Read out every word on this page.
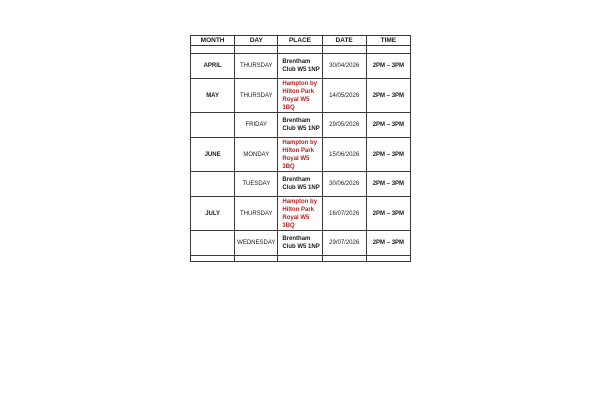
MONTH	DAY	PLACE	DATE	TIME

APRIL	THURSDAY	Brentham Club W5 1NP	30/04/2026	2PM – 3PM
MAY	THURSDAY	Hampton by Hilton Park Royal W5 3BQ	14/05/2026	2PM – 3PM
	FRIDAY	Brentham Club W5 1NP	29/05/2026	2PM – 3PM
JUNE	MONDAY	Hampton by Hilton Park Royal W5 3BQ	15/06/2026	2PM – 3PM
	TUESDAY	Brentham Club W5 1NP	30/06/2026	2PM – 3PM
JULY	THURSDAY	Hampton by Hilton Park Royal W5 3BQ	16/07/2026	2PM – 3PM
	WEDNESDAY	Brentham Club W5 1NP	29/07/2026	2PM – 3PM
